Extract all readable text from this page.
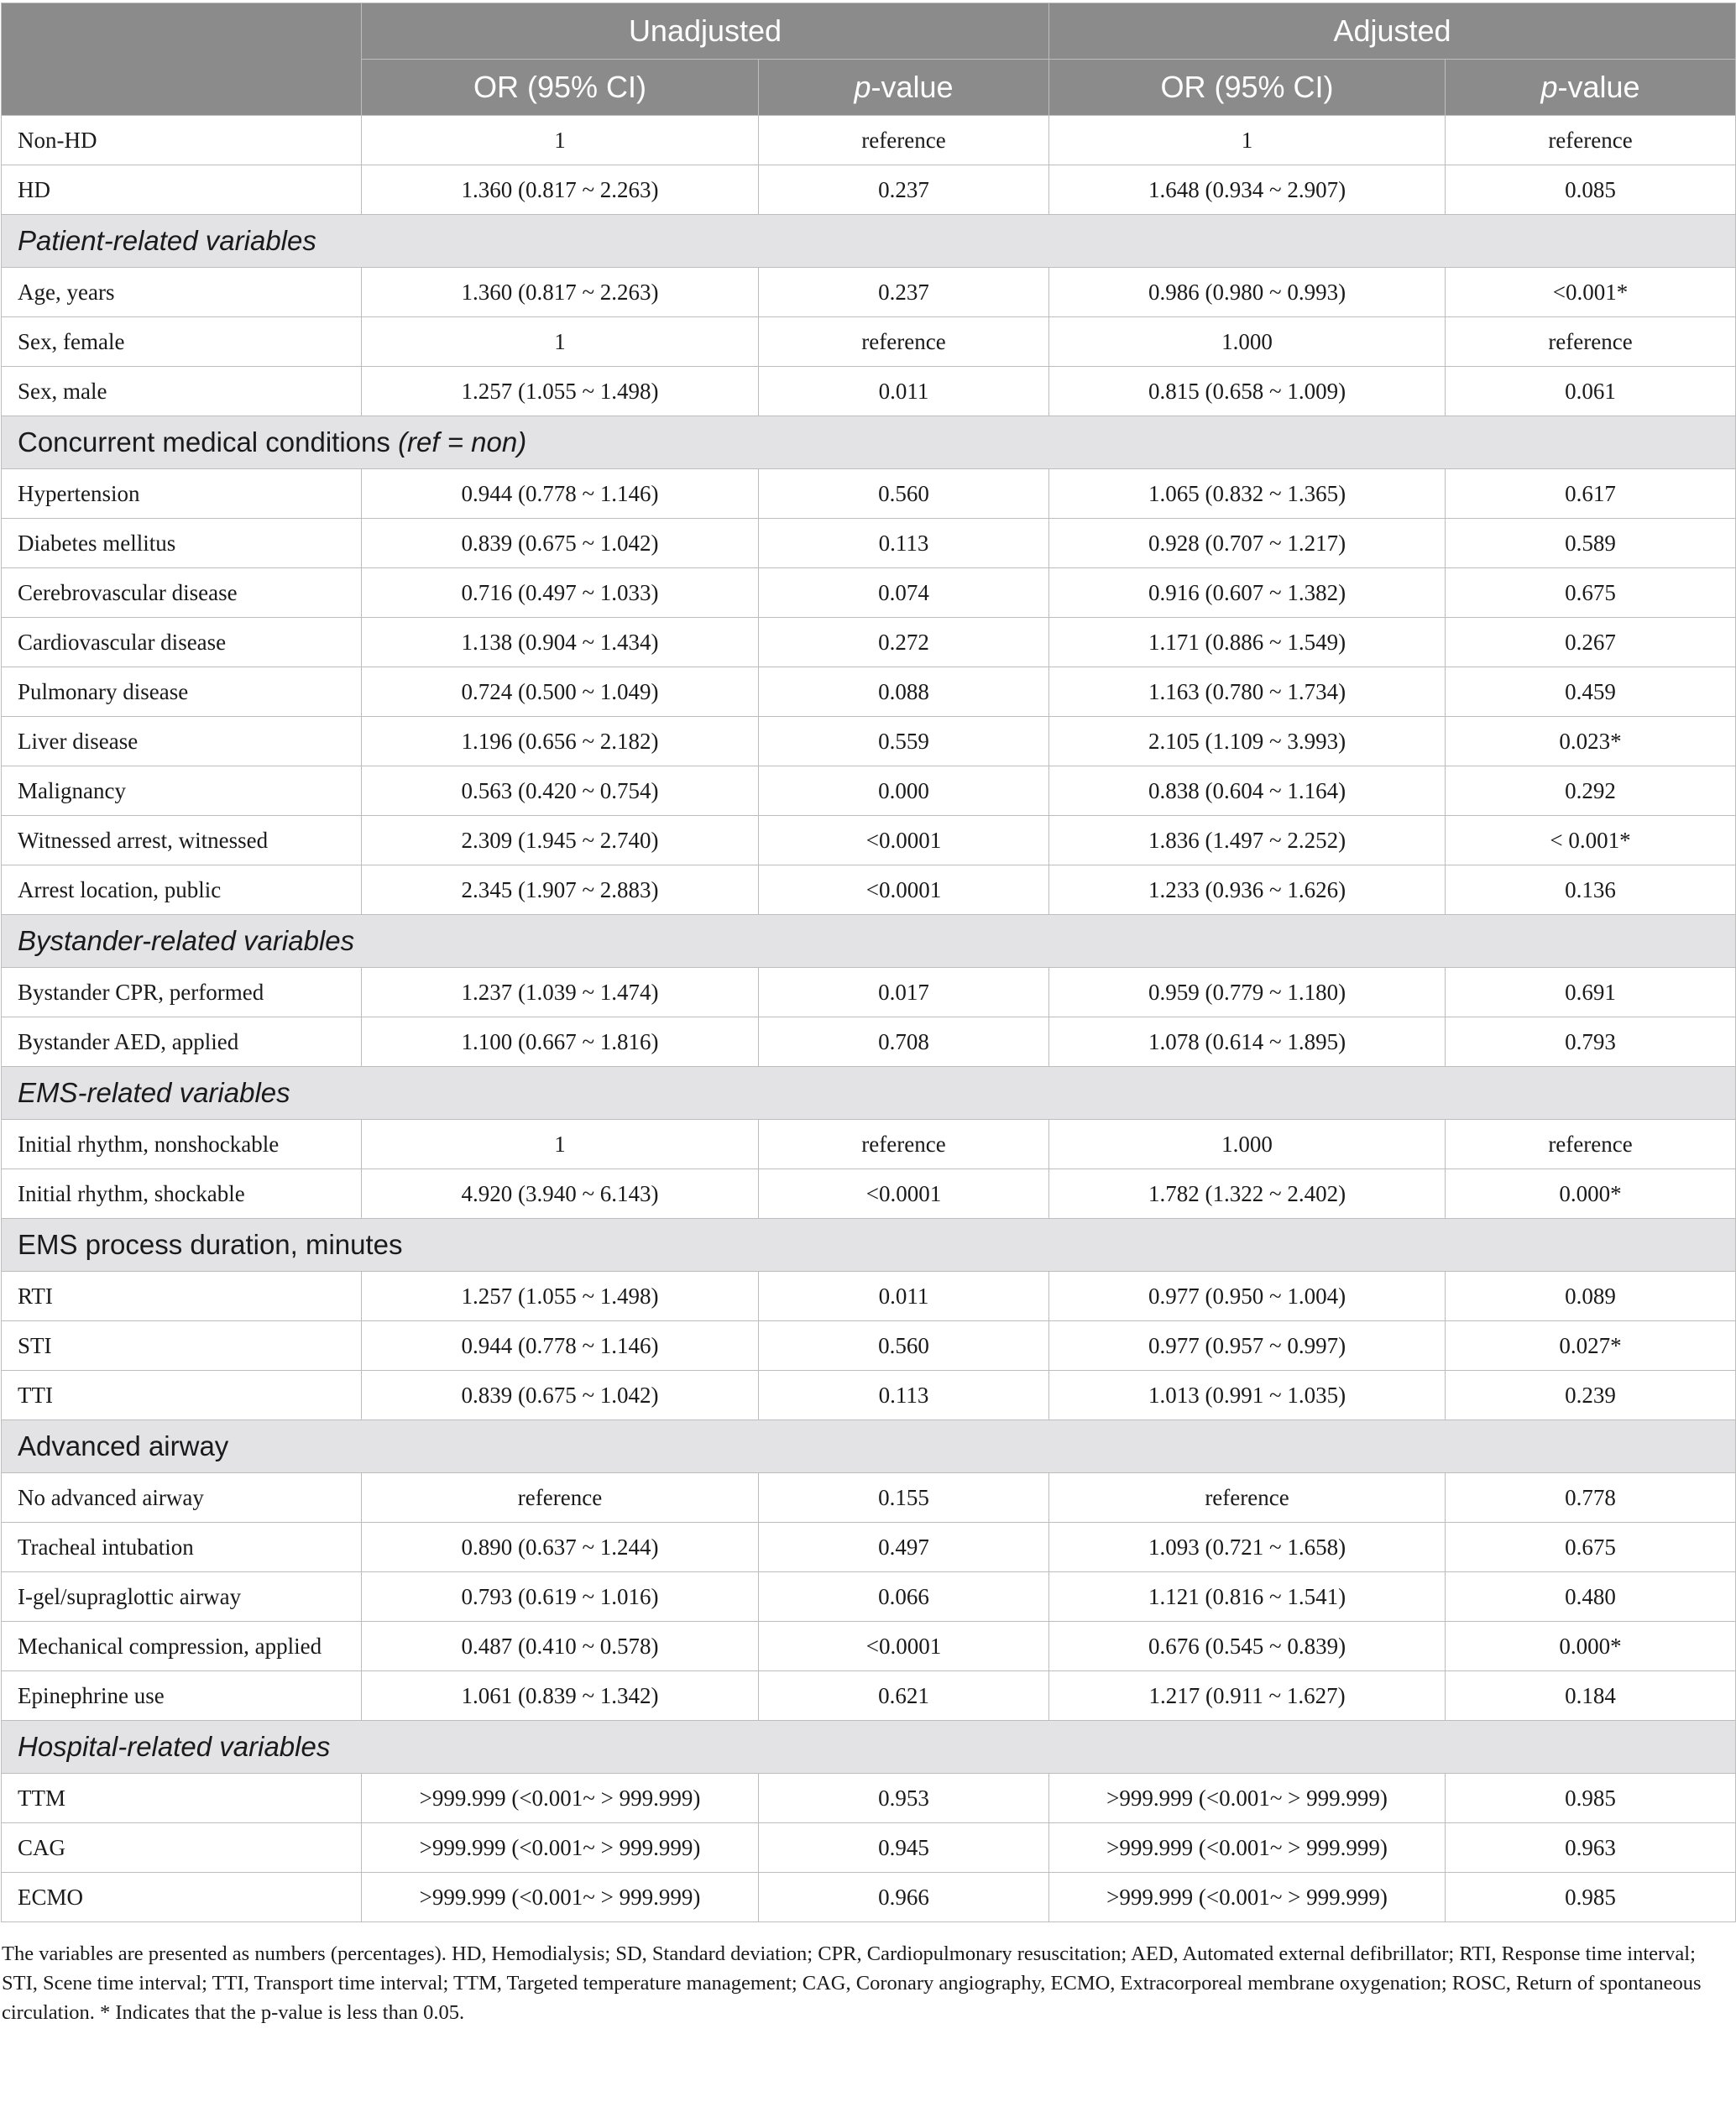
	Unadjusted		Adjusted	
	OR (95% CI)	p-value	OR (95% CI)	p-value
Non-HD	1	reference	1	reference
HD	1.360 (0.817 ~ 2.263)	0.237	1.648 (0.934 ~ 2.907)	0.085
Patient-related variables				
Age, years	1.360 (0.817 ~ 2.263)	0.237	0.986 (0.980 ~ 0.993)	<0.001*
Sex, female	1	reference	1.000	reference
Sex, male	1.257 (1.055 ~ 1.498)	0.011	0.815 (0.658 ~ 1.009)	0.061
Concurrent medical conditions (ref = non)				
Hypertension	0.944 (0.778 ~ 1.146)	0.560	1.065 (0.832 ~ 1.365)	0.617
Diabetes mellitus	0.839 (0.675 ~ 1.042)	0.113	0.928 (0.707 ~ 1.217)	0.589
Cerebrovascular disease	0.716 (0.497 ~ 1.033)	0.074	0.916 (0.607 ~ 1.382)	0.675
Cardiovascular disease	1.138 (0.904 ~ 1.434)	0.272	1.171 (0.886 ~ 1.549)	0.267
Pulmonary disease	0.724 (0.500 ~ 1.049)	0.088	1.163 (0.780 ~ 1.734)	0.459
Liver disease	1.196 (0.656 ~ 2.182)	0.559	2.105 (1.109 ~ 3.993)	0.023*
Malignancy	0.563 (0.420 ~ 0.754)	0.000	0.838 (0.604 ~ 1.164)	0.292
Witnessed arrest, witnessed	2.309 (1.945 ~ 2.740)	<0.0001	1.836 (1.497 ~ 2.252)	< 0.001*
Arrest location, public	2.345 (1.907 ~ 2.883)	<0.0001	1.233 (0.936 ~ 1.626)	0.136
Bystander-related variables				
Bystander CPR, performed	1.237 (1.039 ~ 1.474)	0.017	0.959 (0.779 ~ 1.180)	0.691
Bystander AED, applied	1.100 (0.667 ~ 1.816)	0.708	1.078 (0.614 ~ 1.895)	0.793
EMS-related variables				
Initial rhythm, nonshockable	1	reference	1.000	reference
Initial rhythm, shockable	4.920 (3.940 ~ 6.143)	<0.0001	1.782 (1.322 ~ 2.402)	0.000*
EMS process duration, minutes				
RTI	1.257 (1.055 ~ 1.498)	0.011	0.977 (0.950 ~ 1.004)	0.089
STI	0.944 (0.778 ~ 1.146)	0.560	0.977 (0.957 ~ 0.997)	0.027*
TTI	0.839 (0.675 ~ 1.042)	0.113	1.013 (0.991 ~ 1.035)	0.239
Advanced airway				
No advanced airway	reference	0.155	reference	0.778
Tracheal intubation	0.890 (0.637 ~ 1.244)	0.497	1.093 (0.721 ~ 1.658)	0.675
I-gel/supraglottic airway	0.793 (0.619 ~ 1.016)	0.066	1.121 (0.816 ~ 1.541)	0.480
Mechanical compression, applied	0.487 (0.410 ~ 0.578)	<0.0001	0.676 (0.545 ~ 0.839)	0.000*
Epinephrine use	1.061 (0.839 ~ 1.342)	0.621	1.217 (0.911 ~ 1.627)	0.184
Hospital-related variables				
TTM	>999.999 (<0.001~ > 999.999)	0.953	>999.999 (<0.001~ > 999.999)	0.985
CAG	>999.999 (<0.001~ > 999.999)	0.945	>999.999 (<0.001~ > 999.999)	0.963
ECMO	>999.999 (<0.001~ > 999.999)	0.966	>999.999 (<0.001~ > 999.999)	0.985
The variables are presented as numbers (percentages). HD, Hemodialysis; SD, Standard deviation; CPR, Cardiopulmonary resuscitation; AED, Automated external defibrillator; RTI, Response time interval; STI, Scene time interval; TTI, Transport time interval; TTM, Targeted temperature management; CAG, Coronary angiography, ECMO, Extracorporeal membrane oxygenation; ROSC, Return of spontaneous circulation. * Indicates that the p-value is less than 0.05.
